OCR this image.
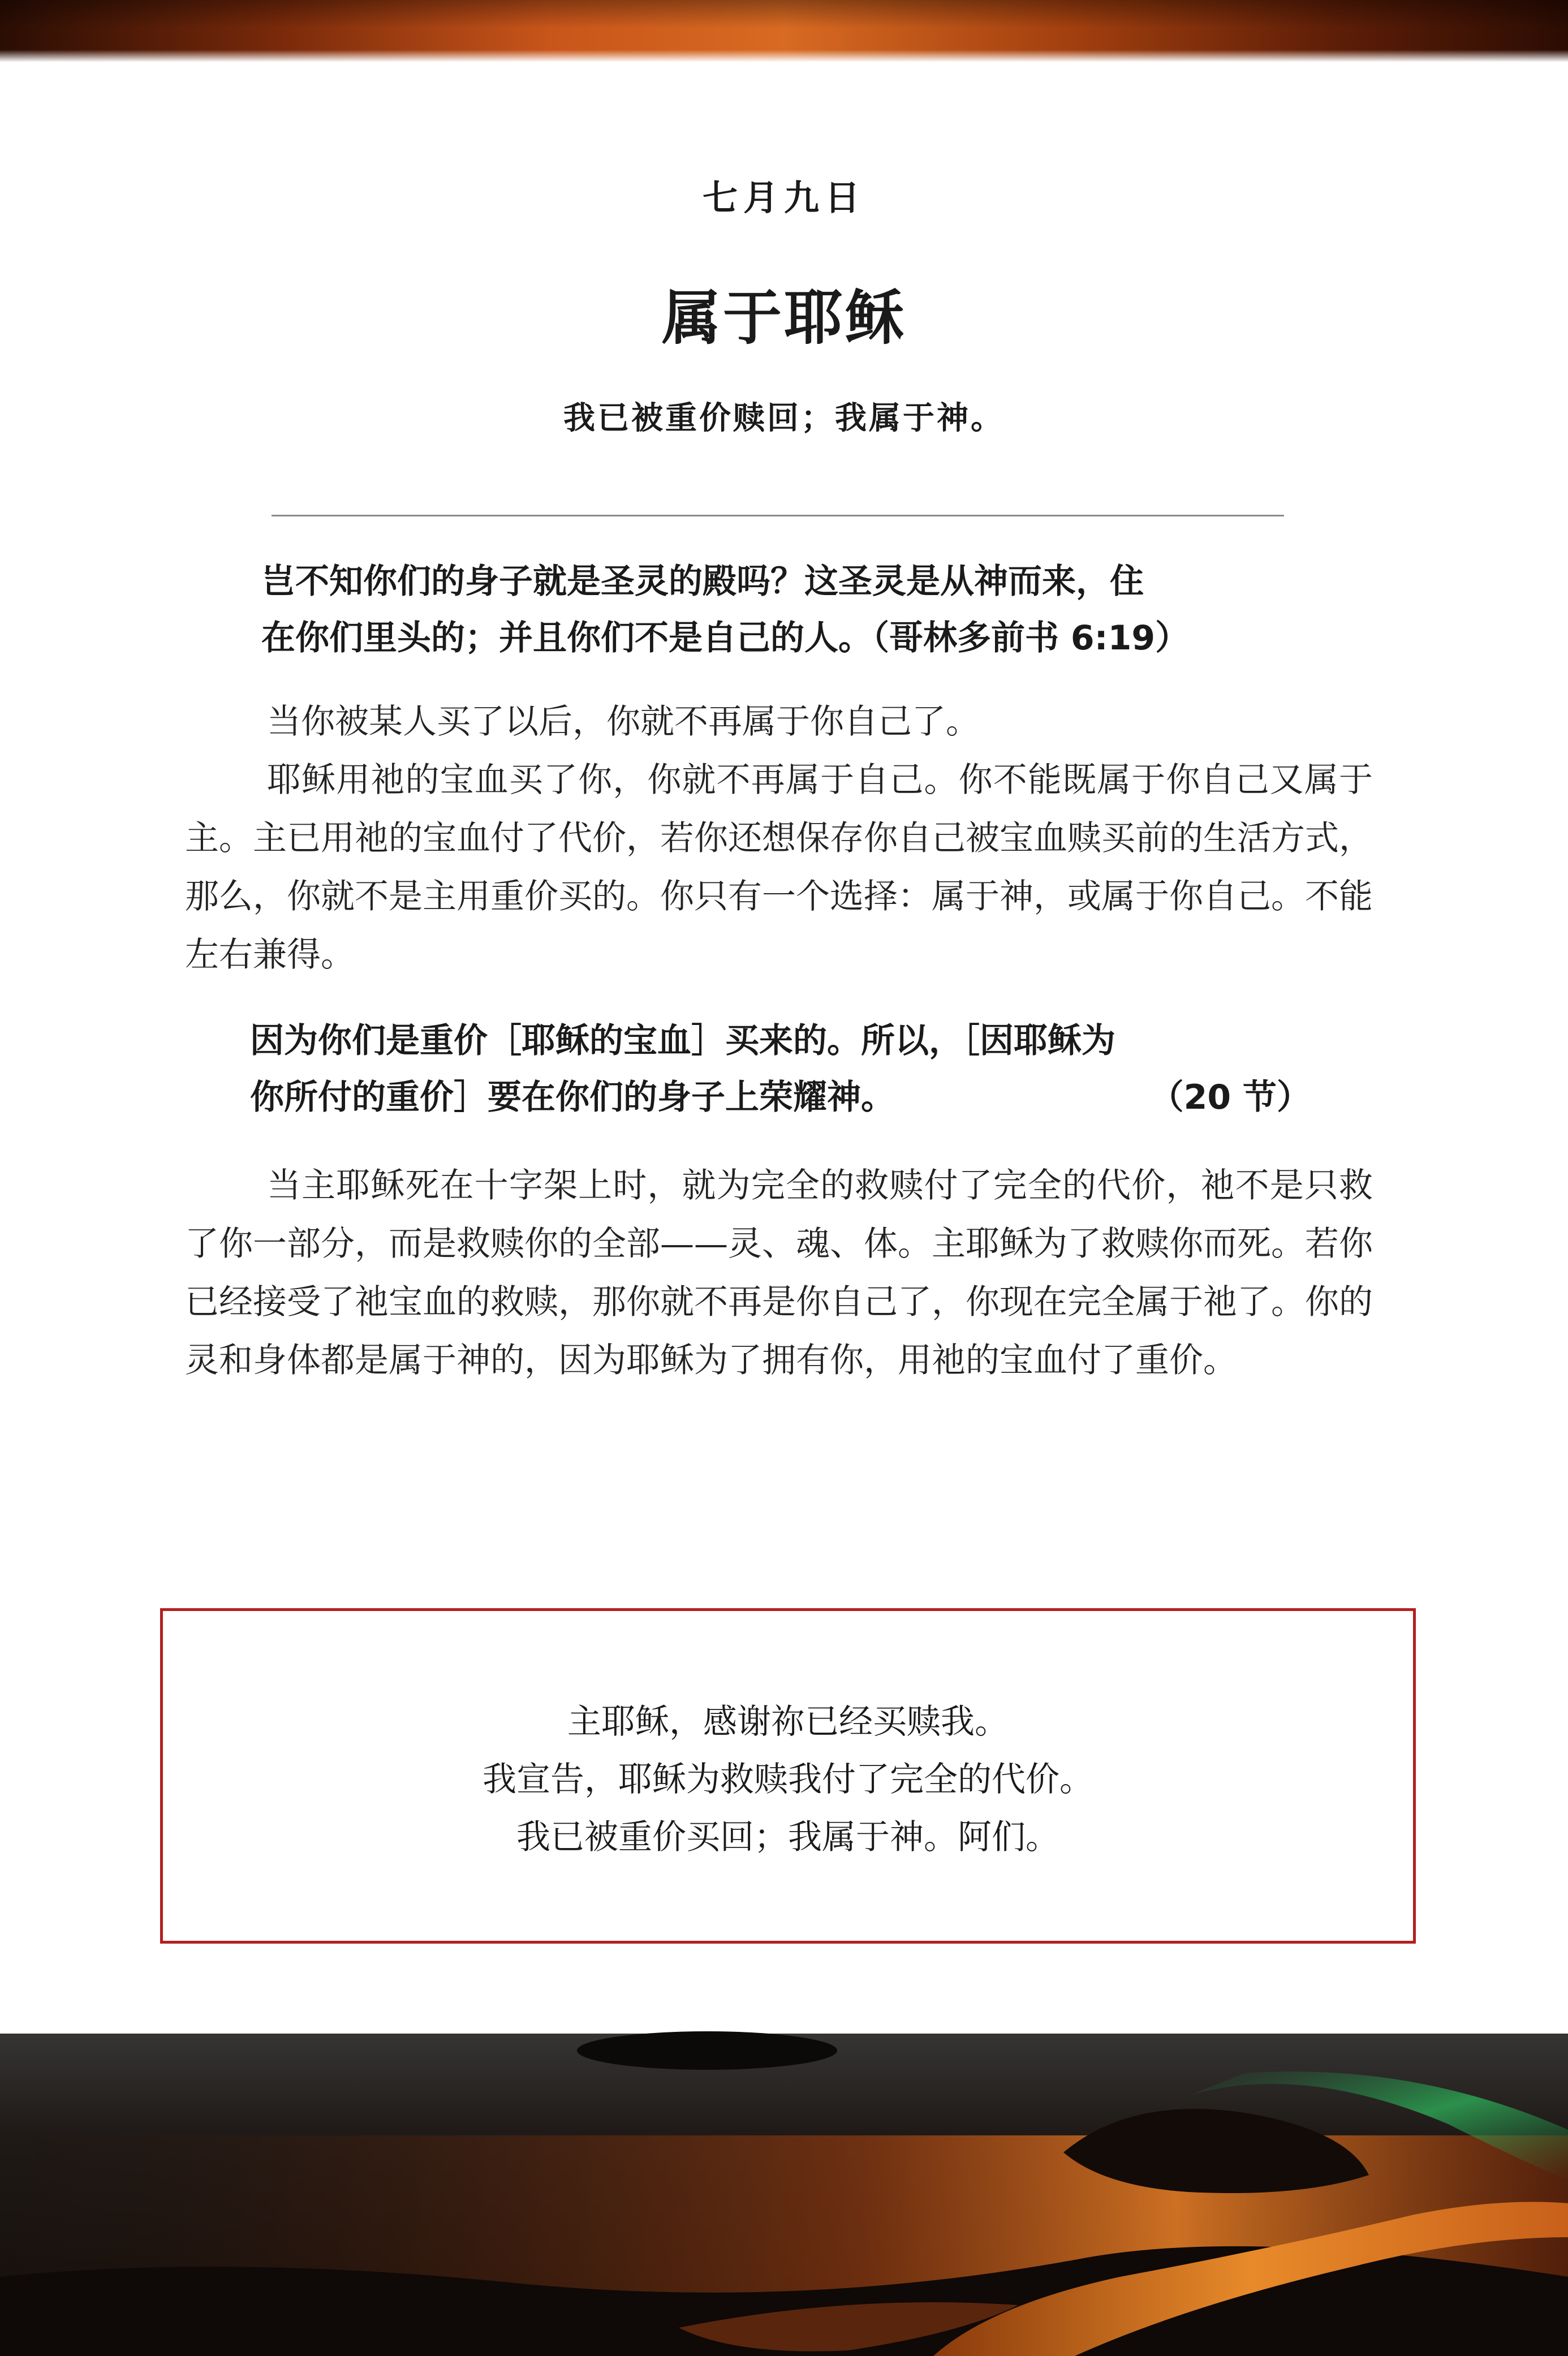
七月九日
属于耶稣
我已被重价赎回；我属于神。
岂不知你们的身子就是圣灵的殿吗？这圣灵是从神而来，住
在你们里头的；并且你们不是自己的人。（哥林多前书 6:19）

当你被某人买了以后，你就不再属于你自己了。

耶稣用祂的宝血买了你，你就不再属于自己。你不能既属于你自己又属于主。主已用祂的宝血付了代价，若你还想保存你自己被宝血赎买前的生活方式，那么，你就不是主用重价买的。你只有一个选择：属于神，或属于你自己。不能左右兼得。

因为你们是重价［耶稣的宝血］买来的。所以，［因耶稣为
你所付的重价］要在你们的身子上荣耀神。	（20 节）

当主耶稣死在十字架上时，就为完全的救赎付了完全的代价，祂不是只救了你一部分，而是救赎你的全部——灵、魂、体。主耶稣为了救赎你而死。若你已经接受了祂宝血的救赎，那你就不再是你自己了，你现在完全属于祂了。你的灵和身体都是属于神的，因为耶稣为了拥有你，用祂的宝血付了重价。

主耶稣，感谢祢已经买赎我。
我宣告，耶稣为救赎我付了完全的代价。
我已被重价买回；我属于神。阿们。
